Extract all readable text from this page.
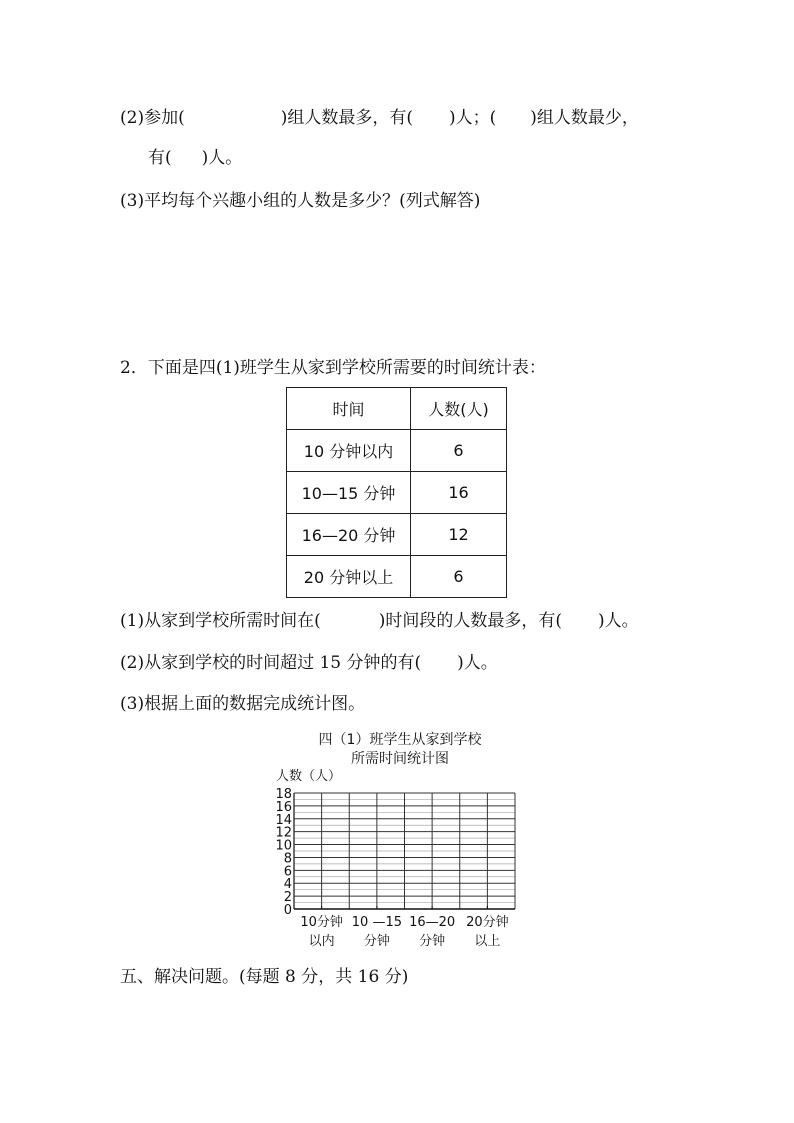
(2)参加(	)组人数最多，有( )人；( )组人数最少，
有( )人。
(3)平均每个兴趣小组的人数是多少？(列式解答)
2．下面是四(1)班学生从家到学校所需要的时间统计表：
时间	人数(人)
10 分钟以内	6
10—15 分钟	16
16—20 分钟	12
20 分钟以上	6
(1)从家到学校所需时间在(	)时间段的人数最多，有( )人。
(2)从家到学校的时间超过 15 分钟的有( )人。
(3)根据上面的数据完成统计图。
四（1）班学生从家到学校
所需时间统计图
人数（人）
0
2
4
6
8
10
12
14
16
18
10分钟
以内
10 —15
分钟
16—20
分钟
20分钟
以上
五、解决问题。(每题 8 分，共 16 分)
